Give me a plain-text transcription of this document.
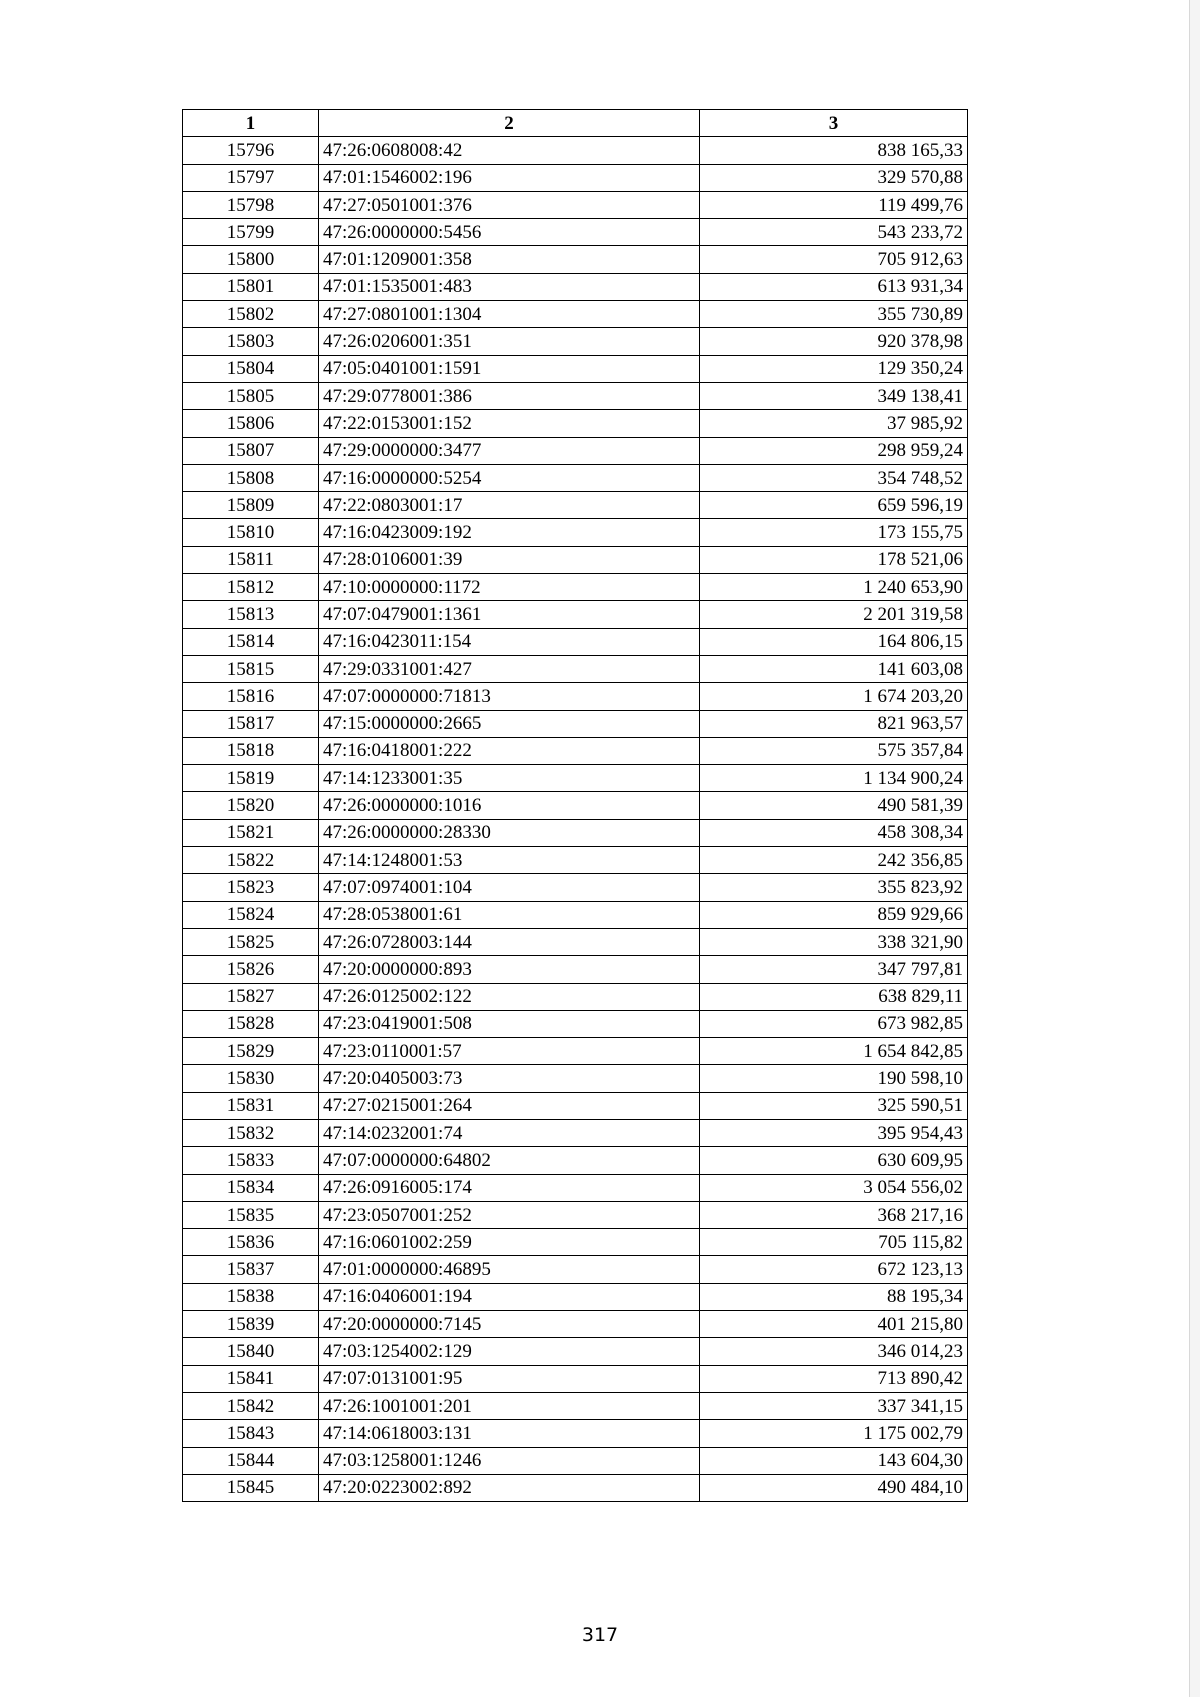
1	2	3
15796	47:26:0608008:42	838 165,33
15797	47:01:1546002:196	329 570,88
15798	47:27:0501001:376	119 499,76
15799	47:26:0000000:5456	543 233,72
15800	47:01:1209001:358	705 912,63
15801	47:01:1535001:483	613 931,34
15802	47:27:0801001:1304	355 730,89
15803	47:26:0206001:351	920 378,98
15804	47:05:0401001:1591	129 350,24
15805	47:29:0778001:386	349 138,41
15806	47:22:0153001:152	37 985,92
15807	47:29:0000000:3477	298 959,24
15808	47:16:0000000:5254	354 748,52
15809	47:22:0803001:17	659 596,19
15810	47:16:0423009:192	173 155,75
15811	47:28:0106001:39	178 521,06
15812	47:10:0000000:1172	1 240 653,90
15813	47:07:0479001:1361	2 201 319,58
15814	47:16:0423011:154	164 806,15
15815	47:29:0331001:427	141 603,08
15816	47:07:0000000:71813	1 674 203,20
15817	47:15:0000000:2665	821 963,57
15818	47:16:0418001:222	575 357,84
15819	47:14:1233001:35	1 134 900,24
15820	47:26:0000000:1016	490 581,39
15821	47:26:0000000:28330	458 308,34
15822	47:14:1248001:53	242 356,85
15823	47:07:0974001:104	355 823,92
15824	47:28:0538001:61	859 929,66
15825	47:26:0728003:144	338 321,90
15826	47:20:0000000:893	347 797,81
15827	47:26:0125002:122	638 829,11
15828	47:23:0419001:508	673 982,85
15829	47:23:0110001:57	1 654 842,85
15830	47:20:0405003:73	190 598,10
15831	47:27:0215001:264	325 590,51
15832	47:14:0232001:74	395 954,43
15833	47:07:0000000:64802	630 609,95
15834	47:26:0916005:174	3 054 556,02
15835	47:23:0507001:252	368 217,16
15836	47:16:0601002:259	705 115,82
15837	47:01:0000000:46895	672 123,13
15838	47:16:0406001:194	88 195,34
15839	47:20:0000000:7145	401 215,80
15840	47:03:1254002:129	346 014,23
15841	47:07:0131001:95	713 890,42
15842	47:26:1001001:201	337 341,15
15843	47:14:0618003:131	1 175 002,79
15844	47:03:1258001:1246	143 604,30
15845	47:20:0223002:892	490 484,10
317
